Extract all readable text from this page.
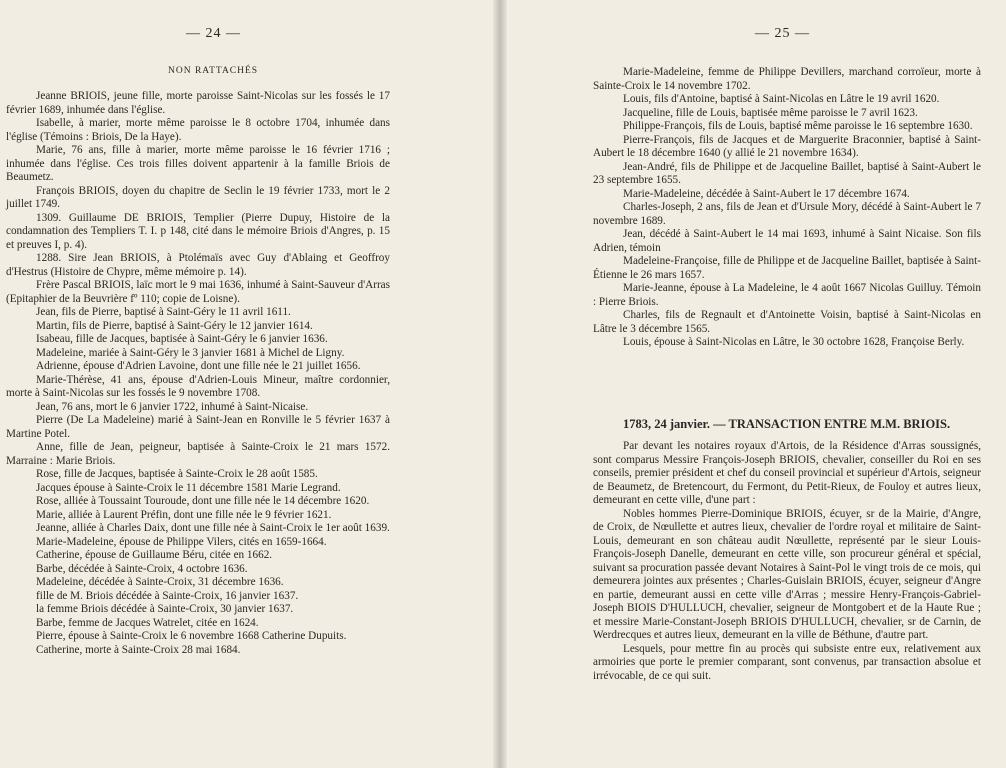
— 24 —
NON RATTACHÉS

Jeanne BRIOIS, jeune fille, morte paroisse Saint-Nicolas sur les fossés le 17 février 1689, inhumée dans l'église.

Isabelle, à marier, morte même paroisse le 8 octobre 1704, inhumée dans l'église (Témoins : Briois, De la Haye).

Marie, 76 ans, fille à marier, morte même paroisse le 16 février 1716 ; inhumée dans l'église. Ces trois filles doivent appartenir à la famille Briois de Beaumetz.

François BRIOIS, doyen du chapitre de Seclin le 19 février 1733, mort le 2 juillet 1749.

1309. Guillaume DE BRIOIS, Templier (Pierre Dupuy, Histoire de la condamnation des Templiers T. I. p 148, cité dans le mémoire Briois d'Angres, p. 15 et preuves I, p. 4).

1288. Sire Jean BRIOIS, à Ptolémaïs avec Guy d'Ablaing et Geoffroy d'Hestrus (Histoire de Chypre, même mémoire p. 14).

Frère Pascal BRIOIS, laïc mort le 9 mai 1636, inhumé à Saint-Sauveur d'Arras (Epitaphier de la Beuvrière fº 110; copie de Loisne).

Jean, fils de Pierre, baptisé à Saint-Géry le 11 avril 1611.

Martin, fils de Pierre, baptisé à Saint-Géry le 12 janvier 1614.

Isabeau, fille de Jacques, baptisée à Saint-Géry le 6 janvier 1636.

Madeleine, mariée à Saint-Géry le 3 janvier 1681 à Michel de Ligny.

Adrienne, épouse d'Adrien Lavoine, dont une fille née le 21 juillet 1656.

Marie-Thérèse, 41 ans, épouse d'Adrien-Louis Mineur, maître cordonnier, morte à Saint-Nicolas sur les fossés le 9 novembre 1708.

Jean, 76 ans, mort le 6 janvier 1722, inhumé à Saint-Nicaise.

Pierre (De La Madeleine) marié à Saint-Jean en Ronville le 5 février 1637 à Martine Potel.

Anne, fille de Jean, peigneur, baptisée à Sainte-Croix le 21 mars 1572. Marraine : Marie Briois.

Rose, fille de Jacques, baptisée à Sainte-Croix le 28 août 1585.

Jacques épouse à Sainte-Croix le 11 décembre 1581 Marie Legrand.

Rose, alliée à Toussaint Touroude, dont une fille née le 14 décembre 1620.

Marie, alliée à Laurent Préfin, dont une fille née le 9 février 1621.

Jeanne, alliée à Charles Daix, dont une fille née à Saint-Croix le 1er août 1639.

Marie-Madeleine, épouse de Philippe Vilers, cités en 1659-1664.

Catherine, épouse de Guillaume Béru, citée en 1662.

Barbe, décédée à Sainte-Croix, 4 octobre 1636.

Madeleine, décédée à Sainte-Croix, 31 décembre 1636.

fille de M. Briois décédée à Sainte-Croix, 16 janvier 1637.

la femme Briois décédée à Sainte-Croix, 30 janvier 1637.

Barbe, femme de Jacques Watrelet, citée en 1624.

Pierre, épouse à Sainte-Croix le 6 novembre 1668 Catherine Dupuits.

Catherine, morte à Sainte-Croix 28 mai 1684.

— 25 —

Marie-Madeleine, femme de Philippe Devillers, marchand corroïeur, morte à Sainte-Croix le 14 novembre 1702.

Louis, fils d'Antoine, baptisé à Saint-Nicolas en Lâtre le 19 avril 1620.

Jacqueline, fille de Louis, baptisée même paroisse le 7 avril 1623.

Philippe-François, fils de Louis, baptisé même paroisse le 16 septembre 1630.

Pierre-François, fils de Jacques et de Marguerite Braconnier, baptisé à Saint-Aubert le 18 décembre 1640 (y allié le 21 novembre 1634).

Jean-André, fils de Philippe et de Jacqueline Baillet, baptisé à Saint-Aubert le 23 septembre 1655.

Marie-Madeleine, décédée à Saint-Aubert le 17 décembre 1674.

Charles-Joseph, 2 ans, fils de Jean et d'Ursule Mory, décédé à Saint-Aubert le 7 novembre 1689.

Jean, décédé à Saint-Aubert le 14 mai 1693, inhumé à Saint Nicaise. Son fils Adrien, témoin

Madeleine-Françoise, fille de Philippe et de Jacqueline Baillet, baptisée à Saint-Étienne le 26 mars 1657.

Marie-Jeanne, épouse à La Madeleine, le 4 août 1667 Nicolas Guilluy. Témoin : Pierre Briois.

Charles, fils de Regnault et d'Antoinette Voisin, baptisé à Saint-Nicolas en Lâtre le 3 décembre 1565.

Louis, épouse à Saint-Nicolas en Lâtre, le 30 octobre 1628, Françoise Berly.

1783, 24 janvier. — TRANSACTION ENTRE M.M. BRIOIS.

Par devant les notaires royaux d'Artois, de la Résidence d'Arras soussignés, sont comparus Messire François-Joseph BRIOIS, chevalier, conseiller du Roi en ses conseils, premier président et chef du conseil provincial et supérieur d'Artois, seigneur de Beaumetz, de Bretencourt, du Fermont, du Petit-Rieux, de Fouloy et autres lieux, demeurant en cette ville, d'une part :

Nobles hommes Pierre-Dominique BRIOIS, écuyer, sr de la Mairie, d'Angre, de Croix, de Nœullette et autres lieux, chevalier de l'ordre royal et militaire de Saint-Louis, demeurant en son château audit Nœullette, représenté par le sieur Louis-François-Joseph Danelle, demeurant en cette ville, son procureur général et spécial, suivant sa procuration passée devant Notaires à Saint-Pol le vingt trois de ce mois, qui demeurera jointes aux présentes ; Charles-Guislain BRIOIS, écuyer, seigneur d'Angre en partie, demeurant aussi en cette ville d'Arras ; messire Henry-François-Gabriel-Joseph BIOIS D'HULLUCH, chevalier, seigneur de Montgobert et de la Haute Rue ; et messire Marie-Constant-Joseph BRIOIS D'HULLUCH, chevalier, sr de Carnin, de Werdrecques et autres lieux, demeurant en la ville de Béthune, d'autre part.

Lesquels, pour mettre fin au procès qui subsiste entre eux, relativement aux armoiries que porte le premier comparant, sont convenus, par transaction absolue et irrévocable, de ce qui suit.
